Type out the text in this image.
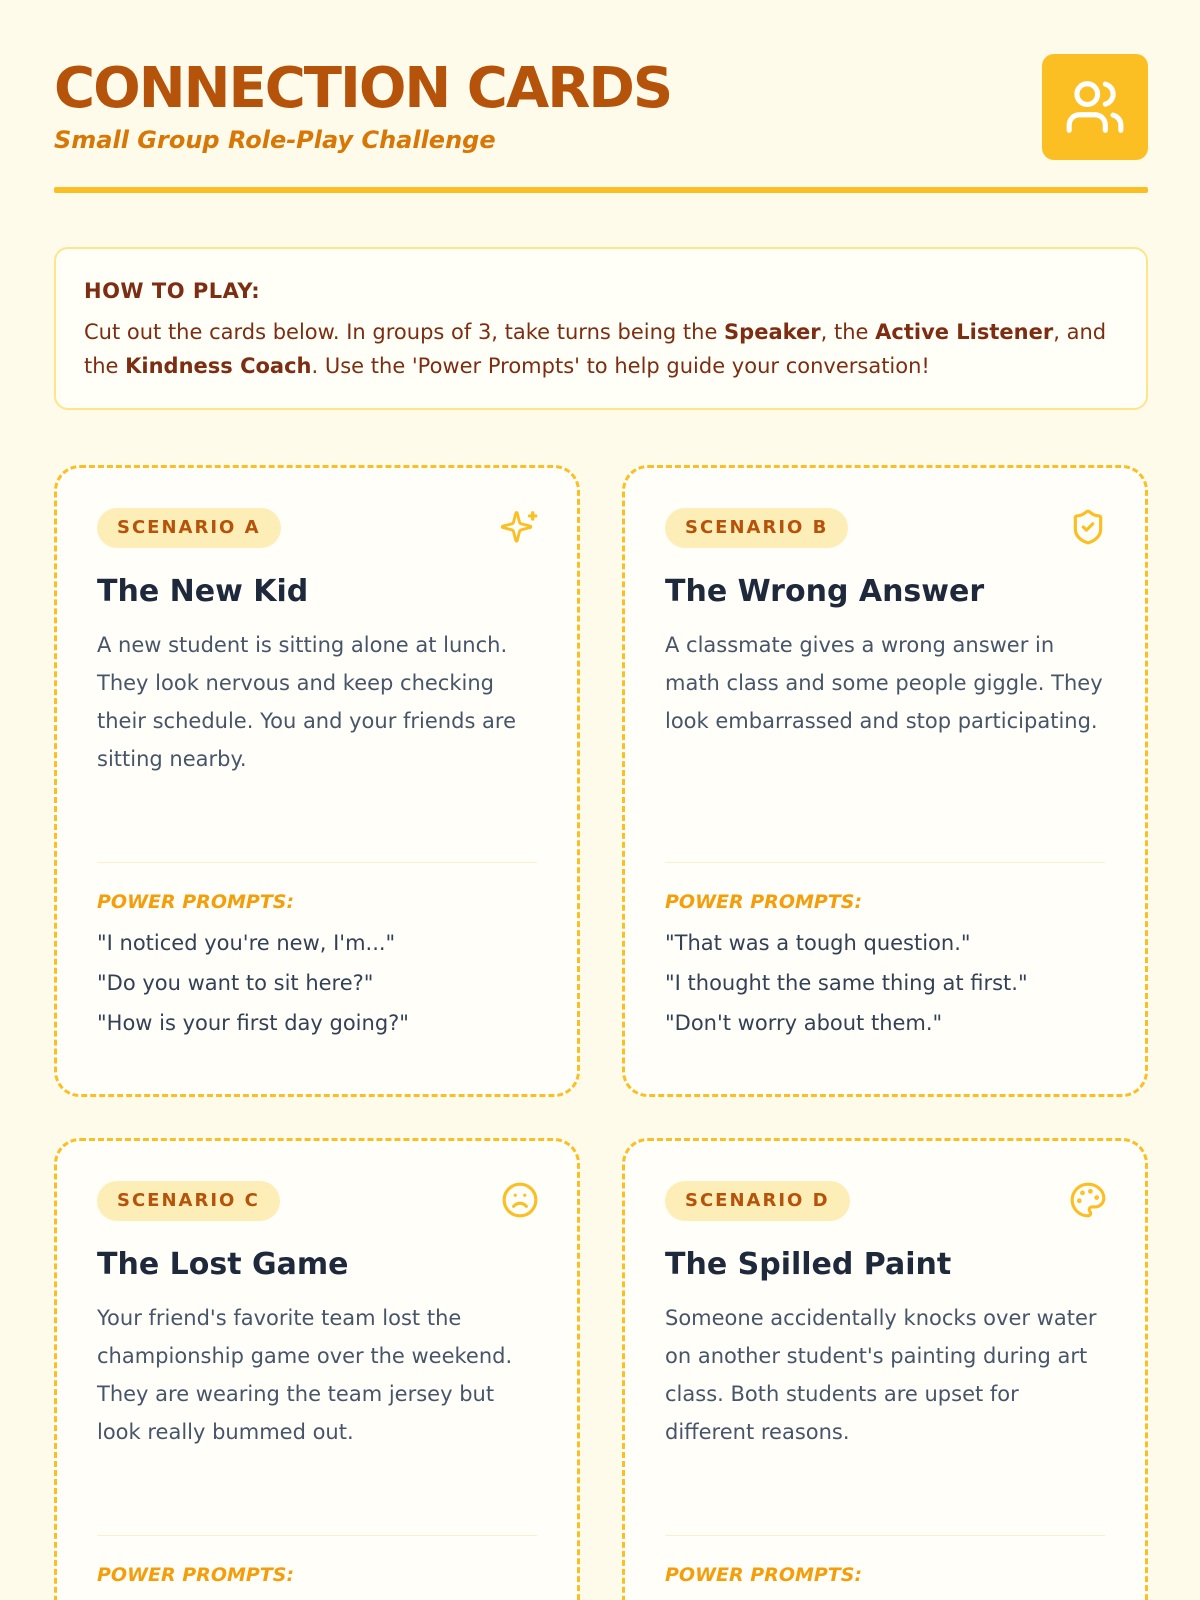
CONNECTION CARDS
Small Group Role-Play Challenge
HOW TO PLAY:
Cut out the cards below. In groups of 3, take turns being the Speaker, the Active Listener, and the Kindness Coach. Use the 'Power Prompts' to help guide your conversation!
SCENARIO A
The New Kid
A new student is sitting alone at lunch. They look nervous and keep checking their schedule. You and your friends are sitting nearby.
POWER PROMPTS:
"I noticed you're new, I'm..."
"Do you want to sit here?"
"How is your first day going?"
SCENARIO B
The Wrong Answer
A classmate gives a wrong answer in math class and some people giggle. They look embarrassed and stop participating.
POWER PROMPTS:
"That was a tough question."
"I thought the same thing at first."
"Don't worry about them."
SCENARIO C
The Lost Game
Your friend's favorite team lost the championship game over the weekend. They are wearing the team jersey but look really bummed out.
POWER PROMPTS:
SCENARIO D
The Spilled Paint
Someone accidentally knocks over water on another student's painting during art class. Both students are upset for different reasons.
POWER PROMPTS:
